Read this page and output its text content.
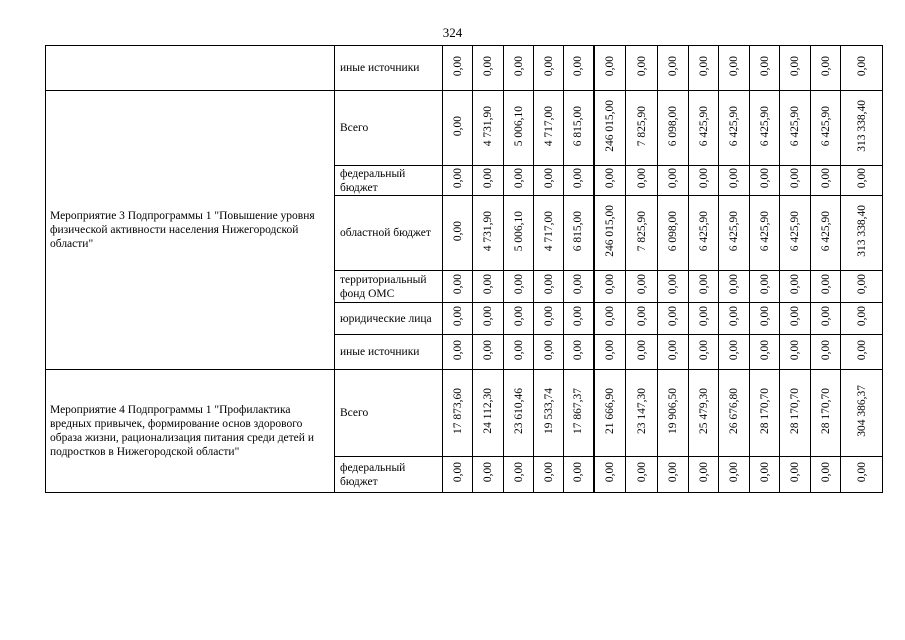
324
	иные источники	0,00	0,00	0,00	0,00	0,00	0,00	0,00	0,00	0,00	0,00	0,00	0,00	0,00	0,00
Мероприятие 3 Подпрограммы 1 "Повышение уровня физической активности населения Нижегородской области"	Всего	0,00	4 731,90	5 006,10	4 717,00	6 815,00	246 015,00	7 825,90	6 098,00	6 425,90	6 425,90	6 425,90	6 425,90	6 425,90	313 338,40
	федеральный бюджет	0,00	0,00	0,00	0,00	0,00	0,00	0,00	0,00	0,00	0,00	0,00	0,00	0,00	0,00
	областной бюджет	0,00	4 731,90	5 006,10	4 717,00	6 815,00	246 015,00	7 825,90	6 098,00	6 425,90	6 425,90	6 425,90	6 425,90	6 425,90	313 338,40
	территориальный фонд ОМС	0,00	0,00	0,00	0,00	0,00	0,00	0,00	0,00	0,00	0,00	0,00	0,00	0,00	0,00
	юридические лица	0,00	0,00	0,00	0,00	0,00	0,00	0,00	0,00	0,00	0,00	0,00	0,00	0,00	0,00
	иные источники	0,00	0,00	0,00	0,00	0,00	0,00	0,00	0,00	0,00	0,00	0,00	0,00	0,00	0,00
Мероприятие 4 Подпрограммы 1 "Профилактика вредных привычек, формирование основ здорового образа жизни, рационализация питания среди детей и подростков в Нижегородской области"	Всего	17 873,60	24 112,30	23 610,46	19 533,74	17 867,37	21 666,90	23 147,30	19 906,50	25 479,30	26 676,80	28 170,70	28 170,70	28 170,70	304 386,37
	федеральный бюджет	0,00	0,00	0,00	0,00	0,00	0,00	0,00	0,00	0,00	0,00	0,00	0,00	0,00	0,00
